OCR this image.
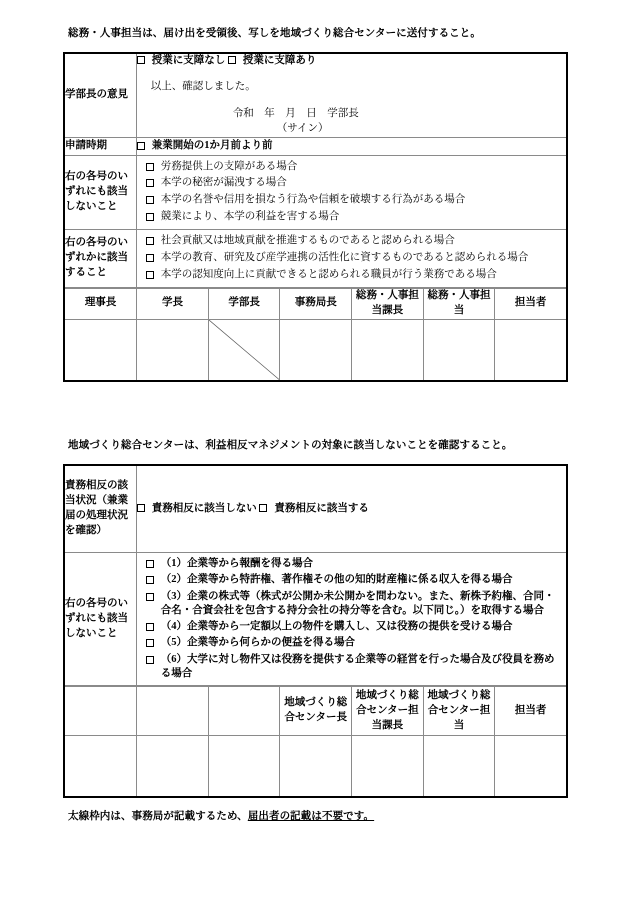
総務・人事担当は、届け出を受領後、写しを地域づくり総合センターに送付すること。
学部長の意見	
授業に支障なし 授業に支障あり
以上、確認しました。
令和　年　月　日　学部長
（サイン）

申請時期	兼業開始の1か月前より前

右の各号のいずれにも該当しないこと	
労務提供上の支障がある場合
本学の秘密が漏洩する場合
本学の名誉や信用を損なう行為や信頼を破壊する行為がある場合
競業により、本学の利益を害する場合

右の各号のいずれかに該当すること	
社会貢献又は地域貢献を推進するものであると認められる場合
本学の教育、研究及び産学連携の活性化に資するものであると認められる場合
本学の認知度向上に貢献できると認められる職員が行う業務である場合

理事長	学長	学部長	事務局長	総務・人事担当課長	総務・人事担当	担当者

地域づくり総合センターは、利益相反マネジメントの対象に該当しないことを確認すること。
責務相反の該当状況（兼業届の処理状況を確認）	
責務相反に該当しない 責務相反に該当する

右の各号のいずれにも該当しないこと	
（1）企業等から報酬を得る場合
（2）企業等から特許権、著作権その他の知的財産権に係る収入を得る場合
（3）企業の株式等（株式が公開か未公開かを問わない。また、新株予約権、合同・合名・合資会社を包含する持分会社の持分等を含む。以下同じ。）を取得する場合
（4）企業等から一定額以上の物件を購入し、又は役務の提供を受ける場合
（5）企業等から何らかの便益を得る場合
（6）大学に対し物件又は役務を提供する企業等の経営を行った場合及び役員を務める場合

			地域づくり総合センター長	地域づくり総合センター担当課長	地域づくり総合センター担当	担当者

太線枠内は、事務局が記載するため、届出者の記載は不要です。
